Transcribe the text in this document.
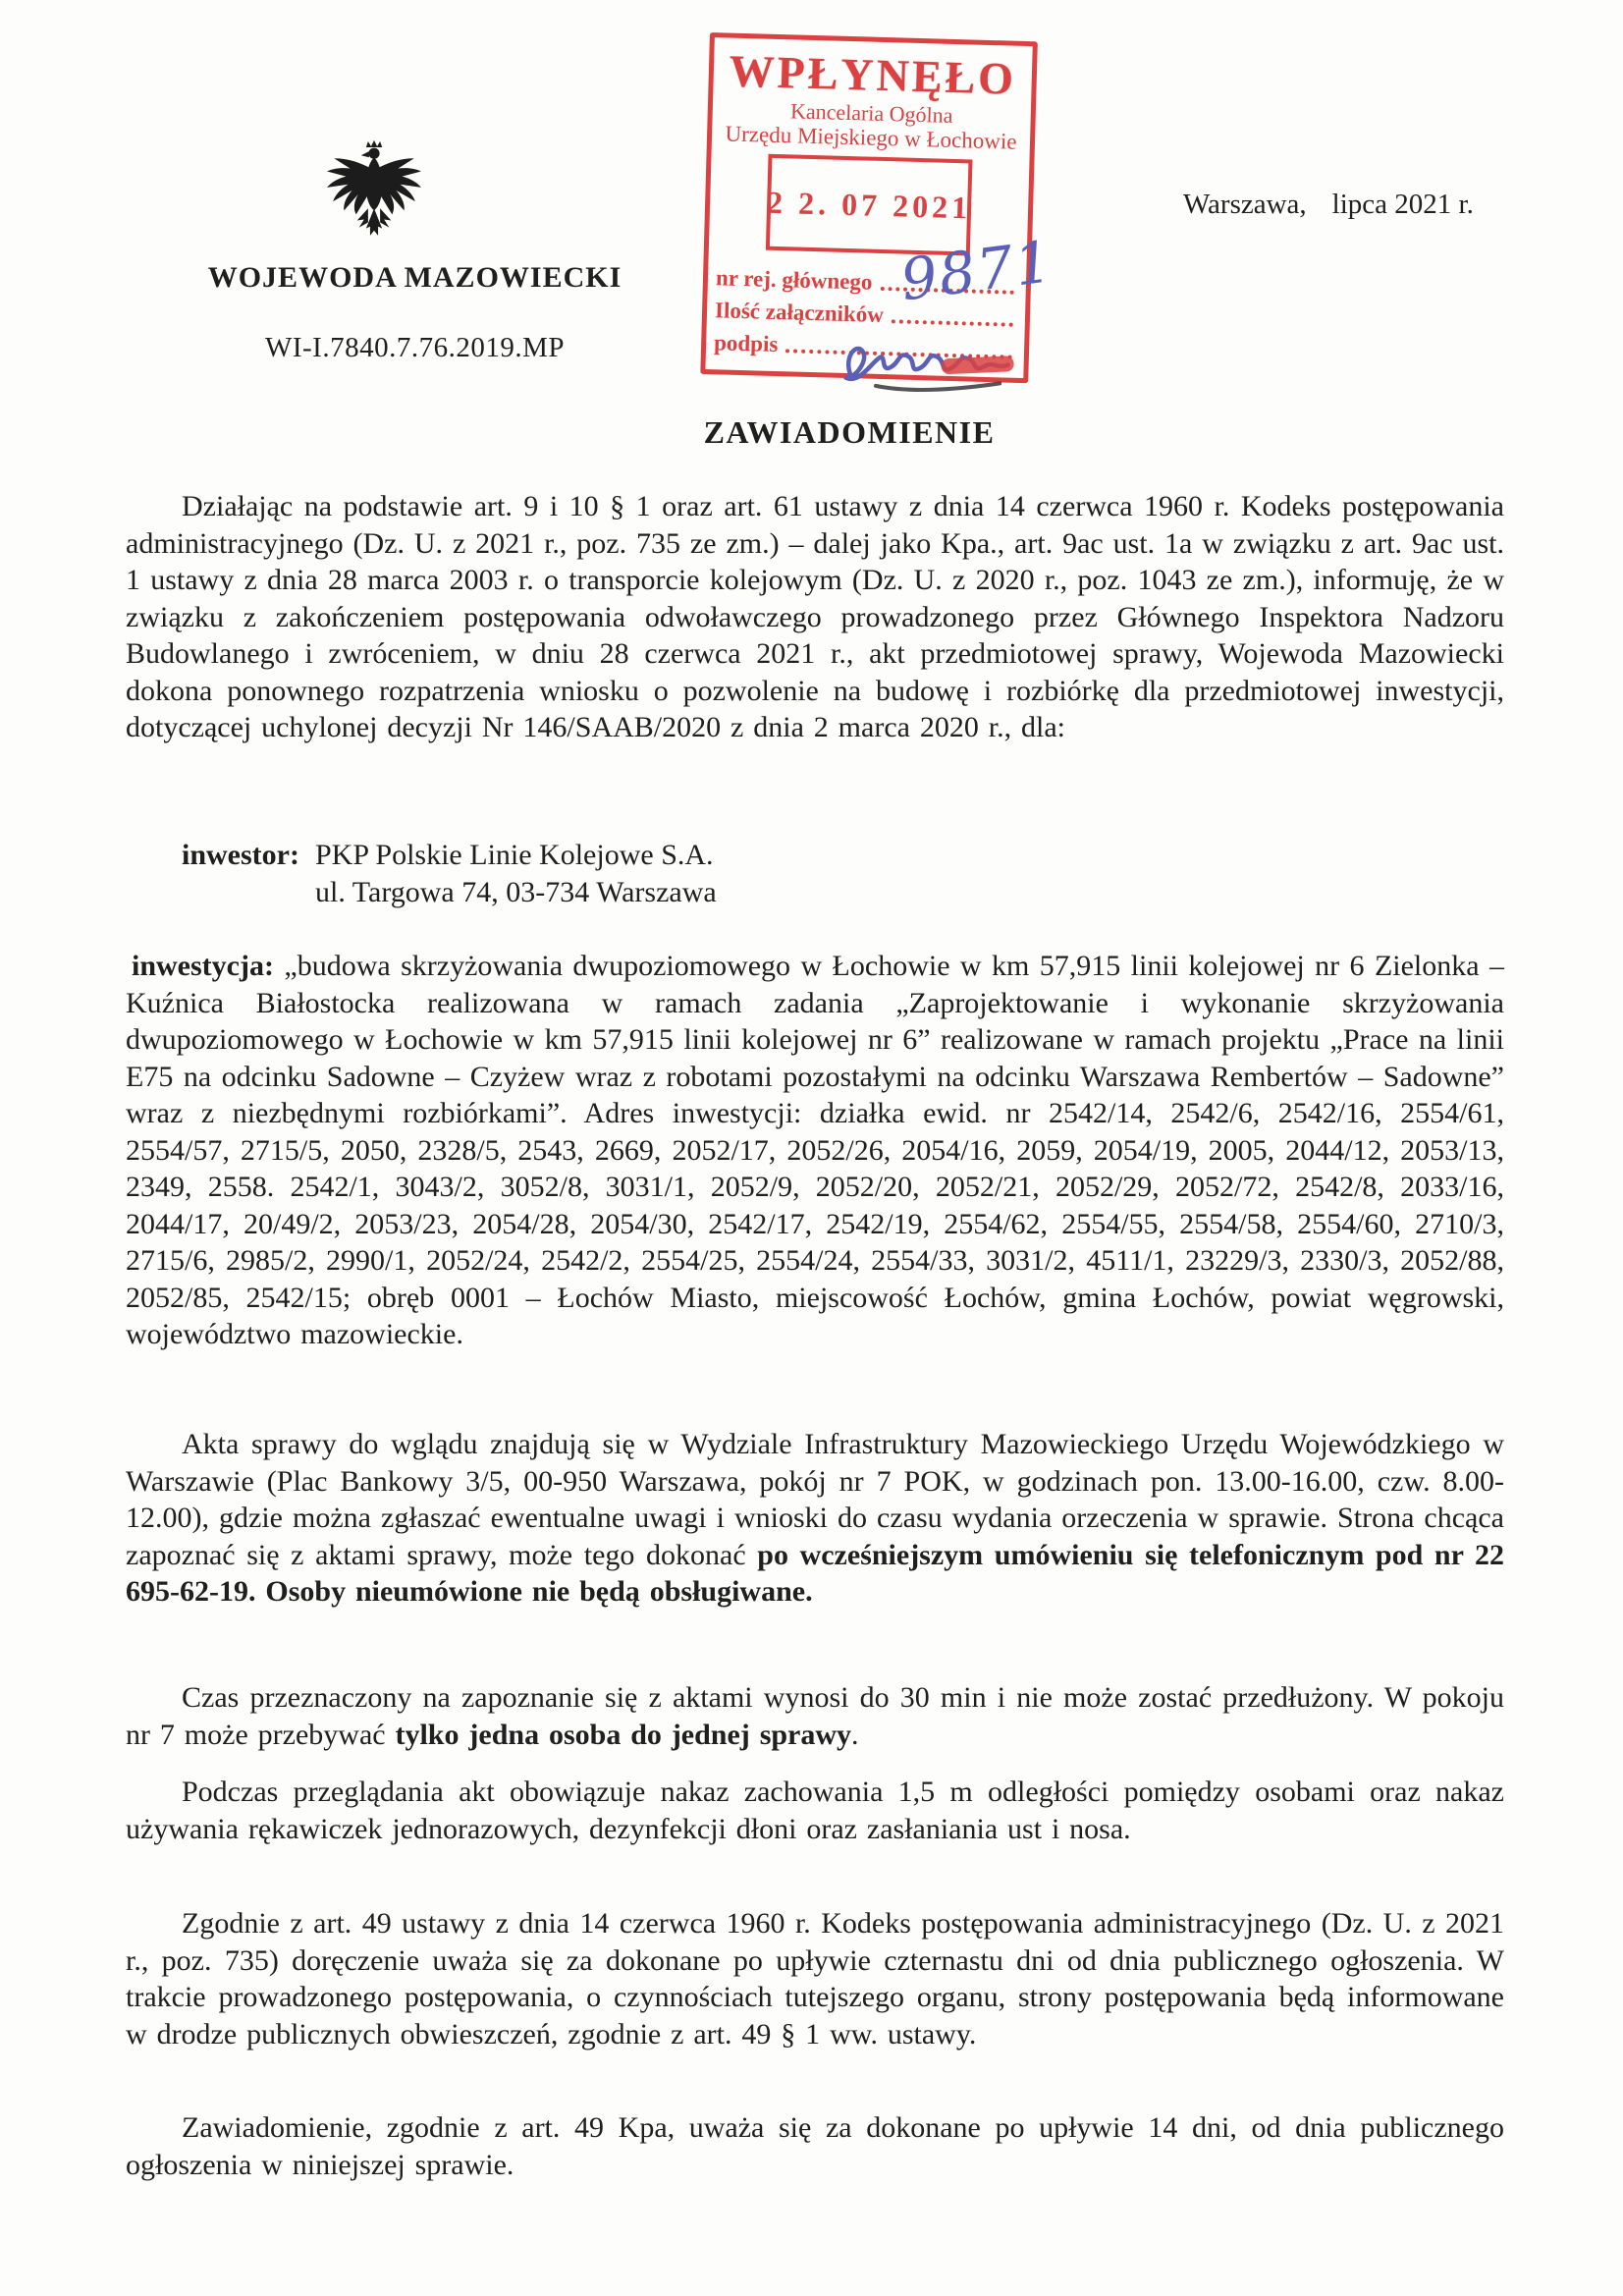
WOJEWODA MAZOWIECKI
WI-I.7840.7.76.2019.MP
Warszawa, lipca 2021 r.
WPŁYNĘŁO
Kancelaria Ogólna
Urzędu Miejskiego w Łochowie
2 2. 07 2021
nr rej. głównego
Ilość załączników
podpis
9871
ZAWIADOMIENIE

Działając na podstawie art. 9 i 10 § 1 oraz art. 61 ustawy z dnia 14 czerwca 1960 r. Kodeks postępowania administracyjnego (Dz. U. z 2021 r., poz. 735 ze zm.) – dalej jako Kpa., art. 9ac ust. 1a w związku z art. 9ac ust. 1 ustawy z dnia 28 marca 2003 r. o transporcie kolejowym (Dz. U. z 2020 r., poz. 1043 ze zm.), informuję, że w związku z zakończeniem postępowania odwoławczego prowadzonego przez Głównego Inspektora Nadzoru Budowlanego i zwróceniem, w dniu 28 czerwca 2021 r., akt przedmiotowej sprawy, Wojewoda Mazowiecki dokona ponownego rozpatrzenia wniosku o pozwolenie na budowę i rozbiórkę dla przedmiotowej inwestycji, dotyczącej uchylonej decyzji Nr 146/SAAB/2020 z dnia 2 marca 2020 r., dla:

inwestor: PKP Polskie Linie Kolejowe S.A.
ul. Targowa 74, 03-734 Warszawa

inwestycja: „budowa skrzyżowania dwupoziomowego w Łochowie w km 57,915 linii kolejowej nr 6 Zielonka – Kuźnica Białostocka realizowana w ramach zadania „Zaprojektowanie i wykonanie skrzyżowania dwupoziomowego w Łochowie w km 57,915 linii kolejowej nr 6” realizowane w ramach projektu „Prace na linii E75 na odcinku Sadowne – Czyżew wraz z robotami pozostałymi na odcinku Warszawa Rembertów – Sadowne” wraz z niezbędnymi rozbiórkami”. Adres inwestycji: działka ewid. nr 2542/14, 2542/6, 2542/16, 2554/61, 2554/57, 2715/5, 2050, 2328/5, 2543, 2669, 2052/17, 2052/26, 2054/16, 2059, 2054/19, 2005, 2044/12, 2053/13, 2349, 2558. 2542/1, 3043/2, 3052/8, 3031/1, 2052/9, 2052/20, 2052/21, 2052/29, 2052/72, 2542/8, 2033/16, 2044/17, 20/49/2, 2053/23, 2054/28, 2054/30, 2542/17, 2542/19, 2554/62, 2554/55, 2554/58, 2554/60, 2710/3, 2715/6, 2985/2, 2990/1, 2052/24, 2542/2, 2554/25, 2554/24, 2554/33, 3031/2, 4511/1, 23229/3, 2330/3, 2052/88, 2052/85, 2542/15; obręb 0001 – Łochów Miasto, miejscowość Łochów, gmina Łochów, powiat węgrowski, województwo mazowieckie.

Akta sprawy do wglądu znajdują się w Wydziale Infrastruktury Mazowieckiego Urzędu Wojewódzkiego w Warszawie (Plac Bankowy 3/5, 00-950 Warszawa, pokój nr 7 POK, w godzinach pon. 13.00-16.00, czw. 8.00-12.00), gdzie można zgłaszać ewentualne uwagi i wnioski do czasu wydania orzeczenia w sprawie. Strona chcąca zapoznać się z aktami sprawy, może tego dokonać po wcześniejszym umówieniu się telefonicznym pod nr 22 695-62-19. Osoby nieumówione nie będą obsługiwane.

Czas przeznaczony na zapoznanie się z aktami wynosi do 30 min i nie może zostać przedłużony. W pokoju nr 7 może przebywać tylko jedna osoba do jednej sprawy.

Podczas przeglądania akt obowiązuje nakaz zachowania 1,5 m odległości pomiędzy osobami oraz nakaz używania rękawiczek jednorazowych, dezynfekcji dłoni oraz zasłaniania ust i nosa.

Zgodnie z art. 49 ustawy z dnia 14 czerwca 1960 r. Kodeks postępowania administracyjnego (Dz. U. z 2021 r., poz. 735) doręczenie uważa się za dokonane po upływie czternastu dni od dnia publicznego ogłoszenia. W trakcie prowadzonego postępowania, o czynnościach tutejszego organu, strony postępowania będą informowane w drodze publicznych obwieszczeń, zgodnie z art. 49 § 1 ww. ustawy.

Zawiadomienie, zgodnie z art. 49 Kpa, uważa się za dokonane po upływie 14 dni, od dnia publicznego ogłoszenia w niniejszej sprawie.
